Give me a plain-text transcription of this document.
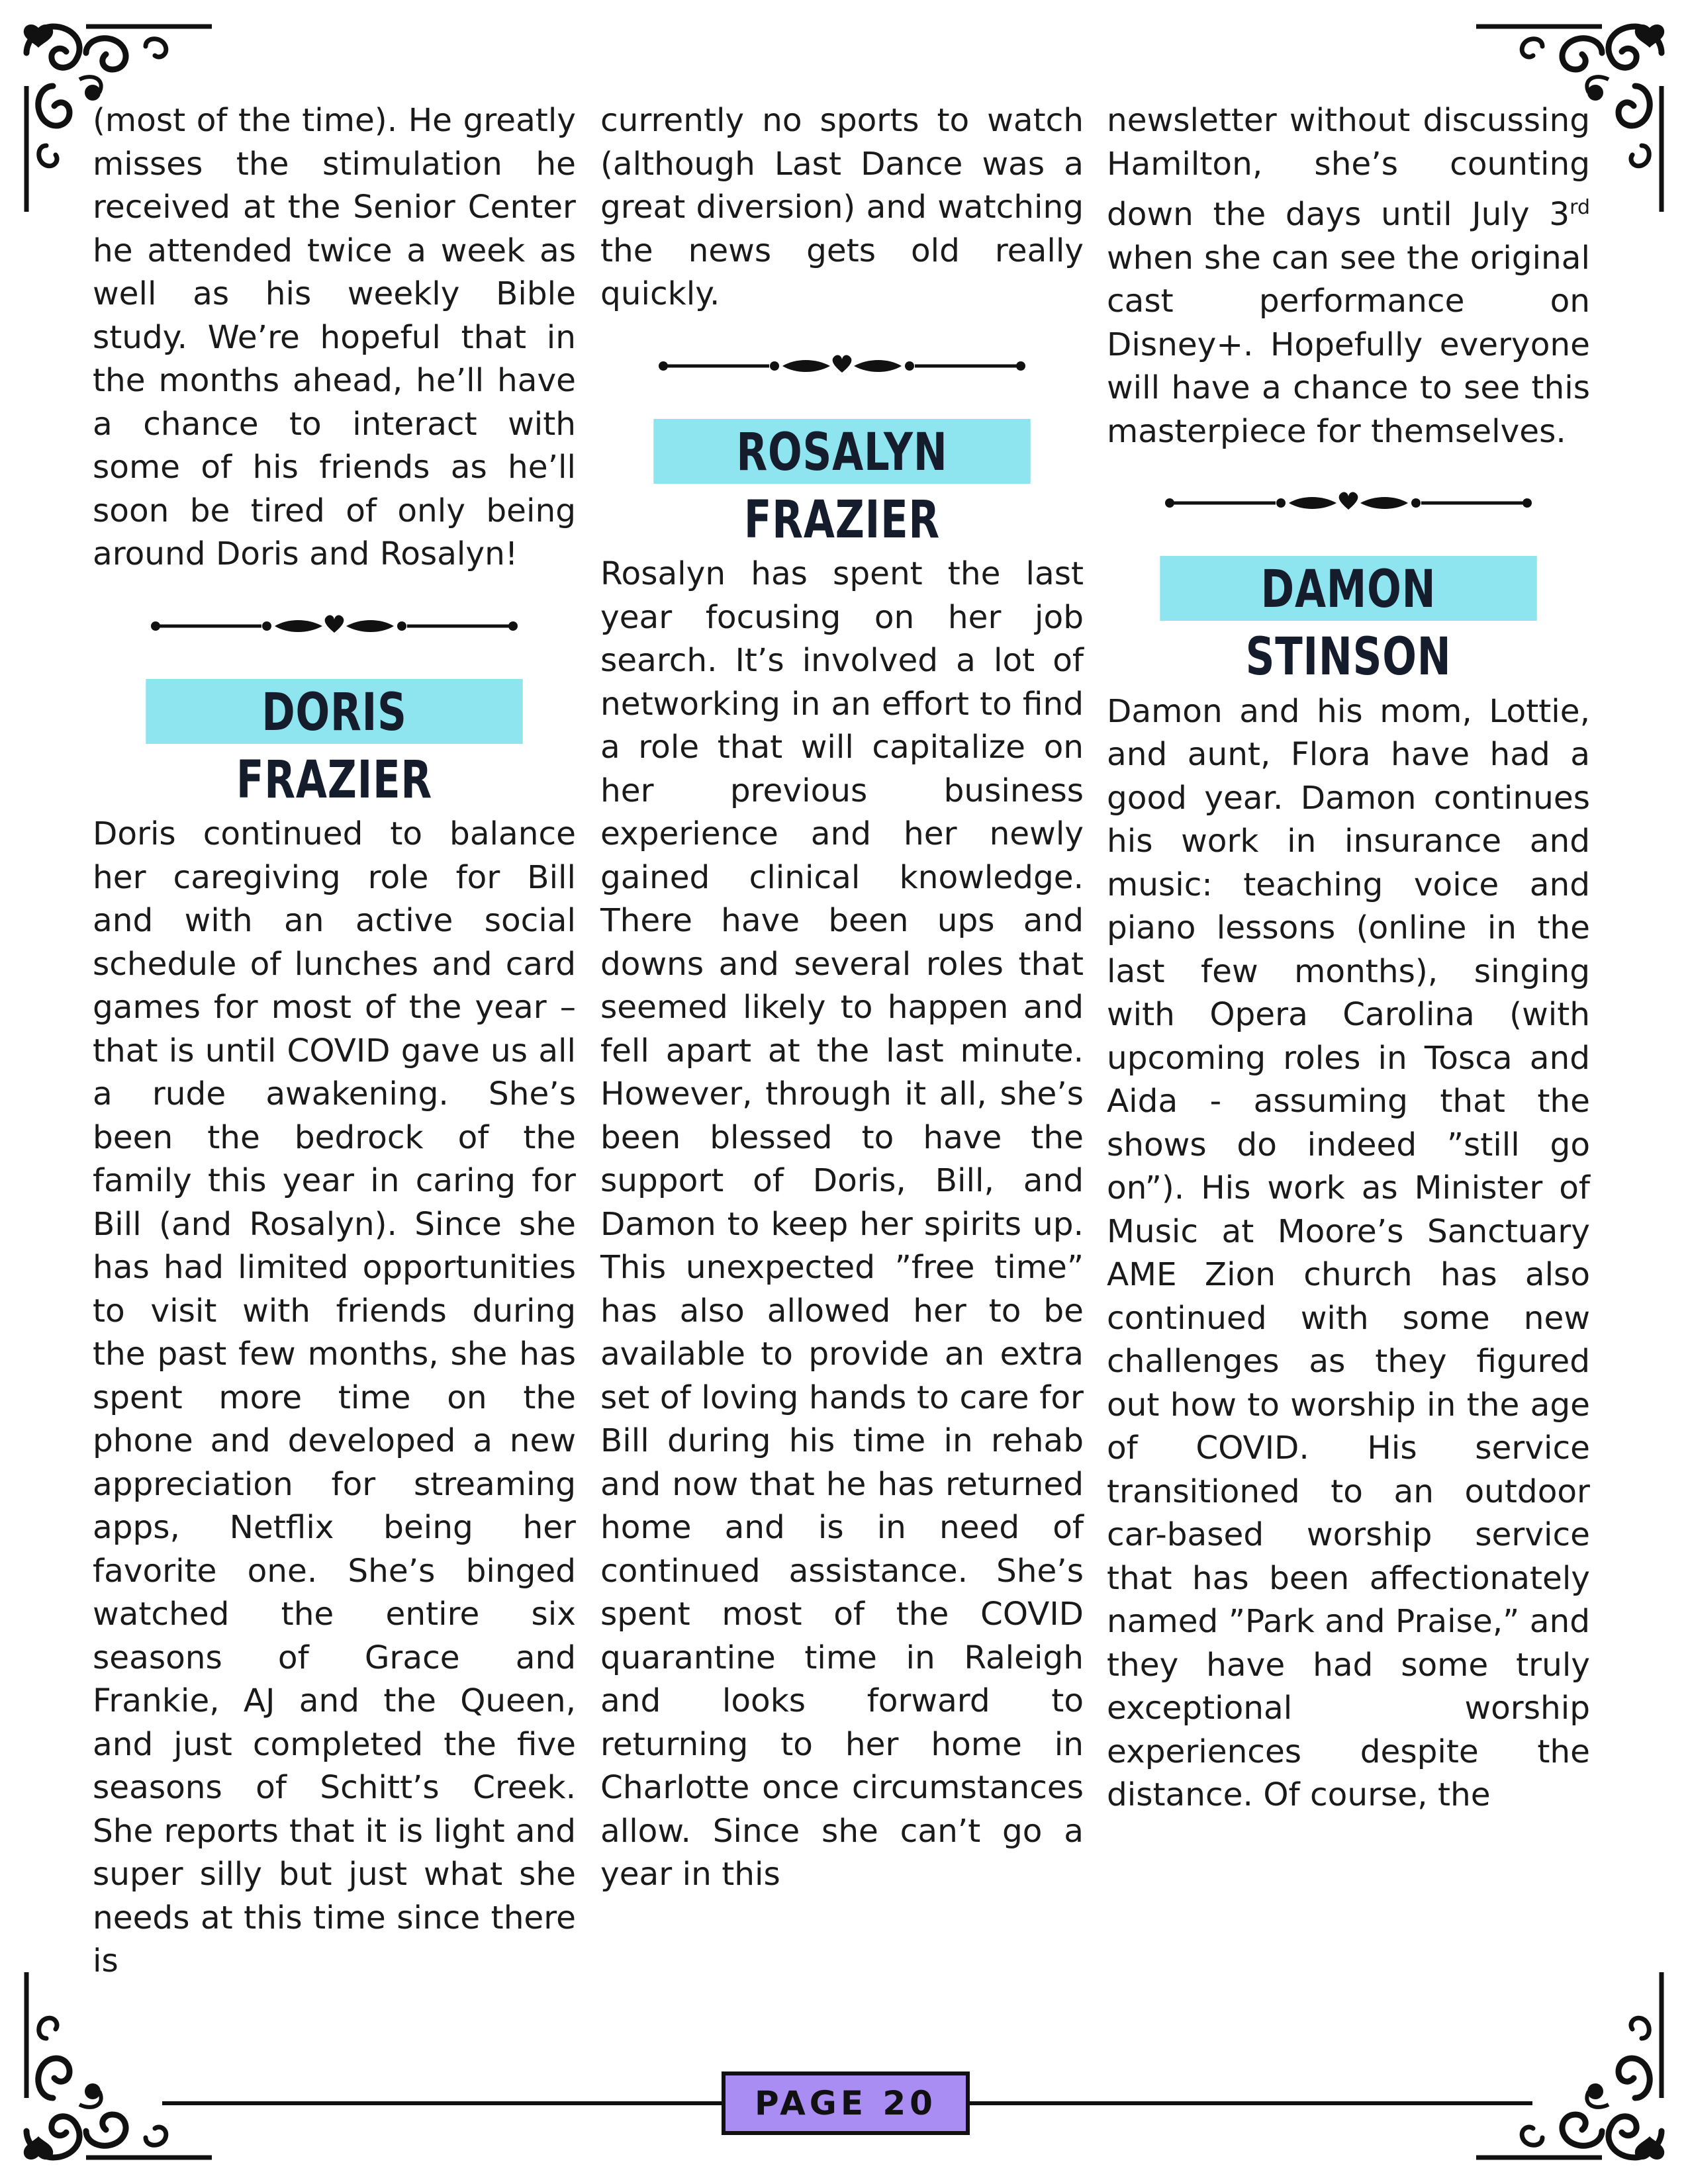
(most of the time). He greatly misses the stimulation he received at the Senior Center he attended twice a week as well as his weekly Bible study. We’re hopeful that in the months ahead, he’ll have a chance to interact with some of his friends as he’ll soon be tired of only being around Doris and Rosalyn!

DORIS FRAZIER

Doris continued to balance her caregiving role for Bill and with an active social schedule of lunches and card games for most of the year – that is until COVID gave us all a rude awakening. She’s been the bedrock of the family this year in caring for Bill (and Rosalyn). Since she has had limited opportunities to visit with friends during the past few months, she has spent more time on the phone and developed a new appreciation for streaming apps, Netflix being her favorite one. She’s binged watched the entire six seasons of Grace and Frankie, AJ and the Queen, and just completed the five seasons of Schitt’s Creek. She reports that it is light and super silly but just what she needs at this time since there is

currently no sports to watch (although Last Dance was a great diversion) and watching the news gets old really quickly.

ROSALYN FRAZIER

Rosalyn has spent the last year focusing on her job search. It’s involved a lot of networking in an effort to find a role that will capitalize on her previous business experience and her newly gained clinical knowledge. There have been ups and downs and several roles that seemed likely to happen and fell apart at the last minute. However, through it all, she’s been blessed to have the support of Doris, Bill, and Damon to keep her spirits up. This unexpected ”free time” has also allowed her to be available to provide an extra set of loving hands to care for Bill during his time in rehab and now that he has returned home and is in need of continued assistance. She’s spent most of the COVID quarantine time in Raleigh and looks forward to returning to her home in Charlotte once circumstances allow. Since she can’t go a year in this

newsletter without discussing Hamilton, she’s counting down the days until July 3rd when she can see the original cast performance on Disney+. Hopefully everyone will have a chance to see this masterpiece for themselves.

DAMON STINSON

Damon and his mom, Lottie, and aunt, Flora have had a good year. Damon continues his work in insurance and music: teaching voice and piano lessons (online in the last few months), singing with Opera Carolina (with upcoming roles in Tosca and Aida - assuming that the shows do indeed ”still go on”). His work as Minister of Music at Moore’s Sanctuary AME Zion church has also continued with some new challenges as they figured out how to worship in the age of COVID. His service transitioned to an outdoor car-based worship service that has been affectionately named ”Park and Praise,” and they have had some truly exceptional worship experiences despite the distance. Of course, the

PAGE 20
